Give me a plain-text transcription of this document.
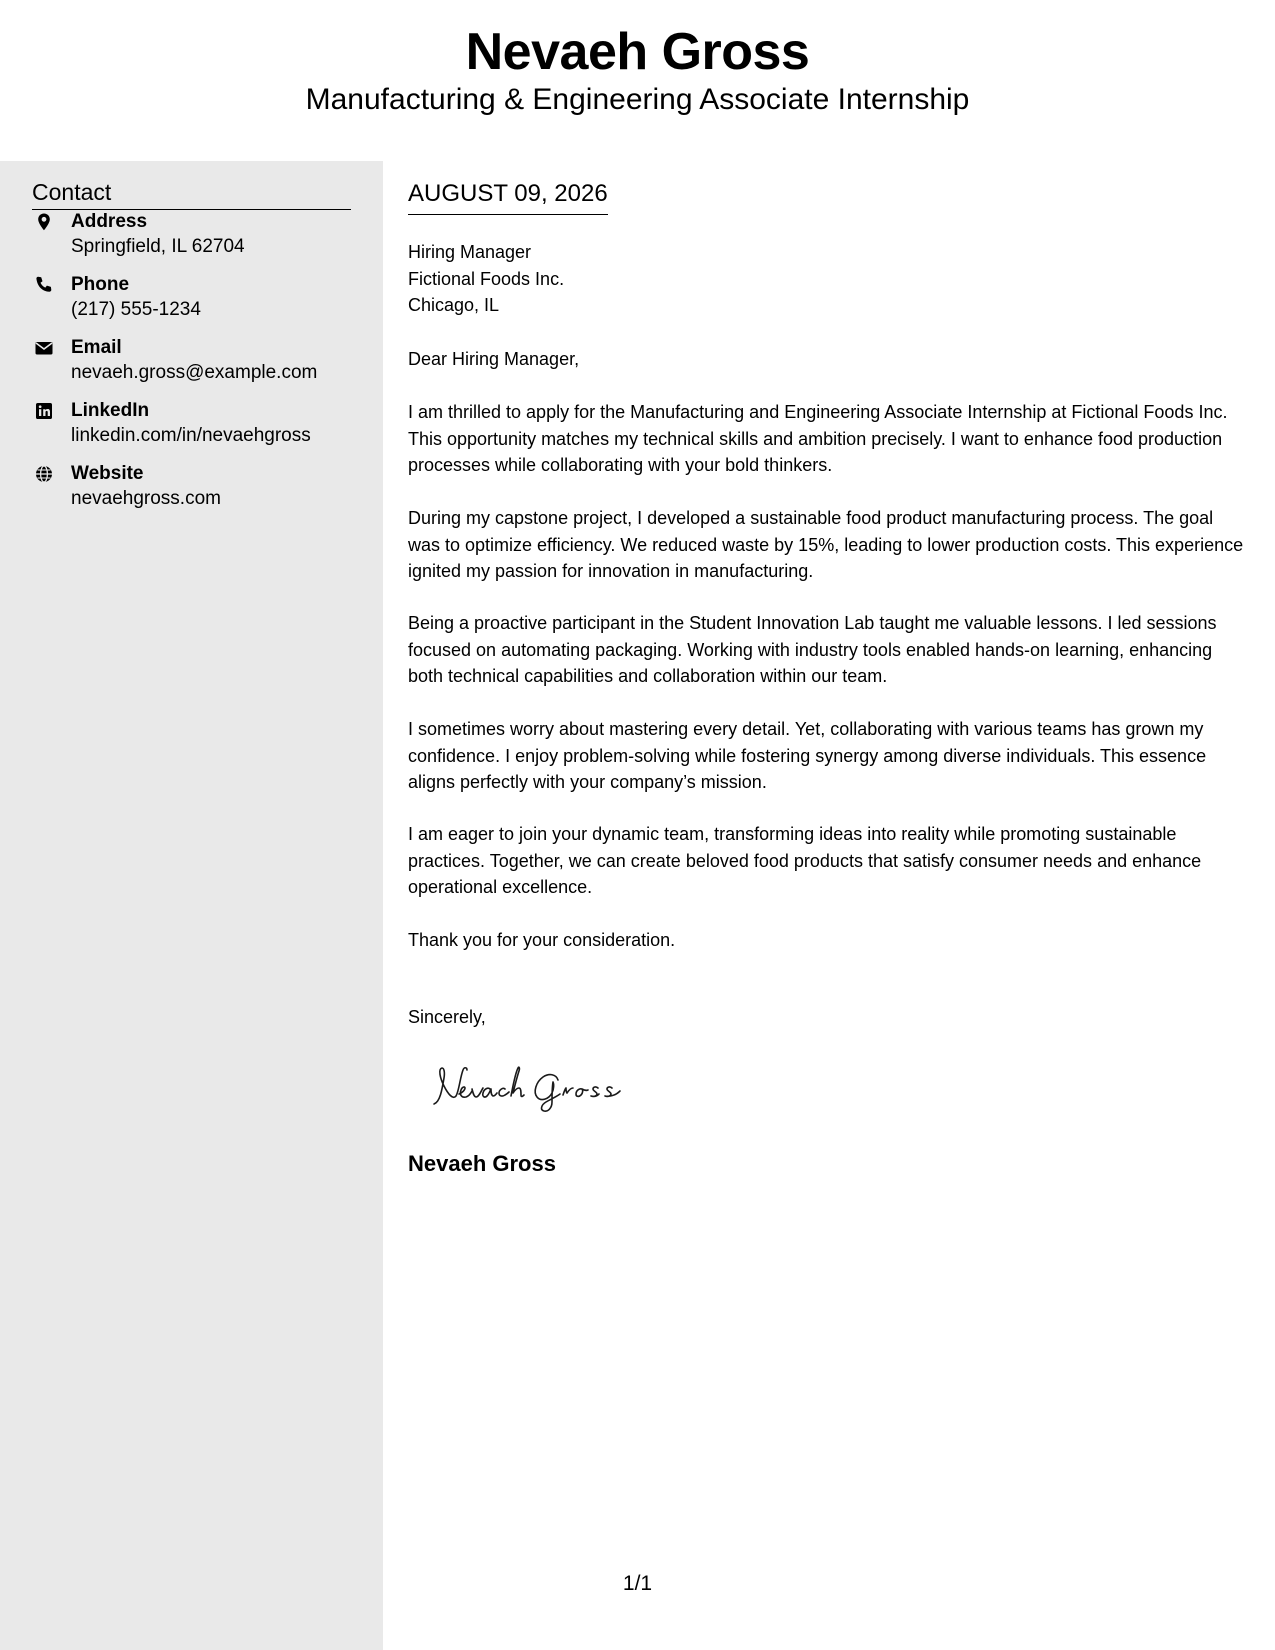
Nevaeh Gross
Manufacturing & Engineering Associate Internship
Contact
Address
Springfield, IL 62704
Phone
(217) 555-1234
Email
nevaeh.gross@example.com
LinkedIn
linkedin.com/in/nevaehgross
Website
nevaehgross.com
AUGUST 09, 2026
Hiring Manager
Fictional Foods Inc.
Chicago, IL
Dear Hiring Manager,
I am thrilled to apply for the Manufacturing and Engineering Associate Internship at Fictional Foods Inc. This opportunity matches my technical skills and ambition precisely. I want to enhance food production processes while collaborating with your bold thinkers.
During my capstone project, I developed a sustainable food product manufacturing process. The goal was to optimize efficiency. We reduced waste by 15%, leading to lower production costs. This experience ignited my passion for innovation in manufacturing.
Being a proactive participant in the Student Innovation Lab taught me valuable lessons. I led sessions focused on automating packaging. Working with industry tools enabled hands-on learning, enhancing both technical capabilities and collaboration within our team.
I sometimes worry about mastering every detail. Yet, collaborating with various teams has grown my confidence. I enjoy problem-solving while fostering synergy among diverse individuals. This essence aligns perfectly with your company’s mission.
I am eager to join your dynamic team, transforming ideas into reality while promoting sustainable practices. Together, we can create beloved food products that satisfy consumer needs and enhance operational excellence.
Thank you for your consideration.
Sincerely,
Nevaeh Gross
1/1
